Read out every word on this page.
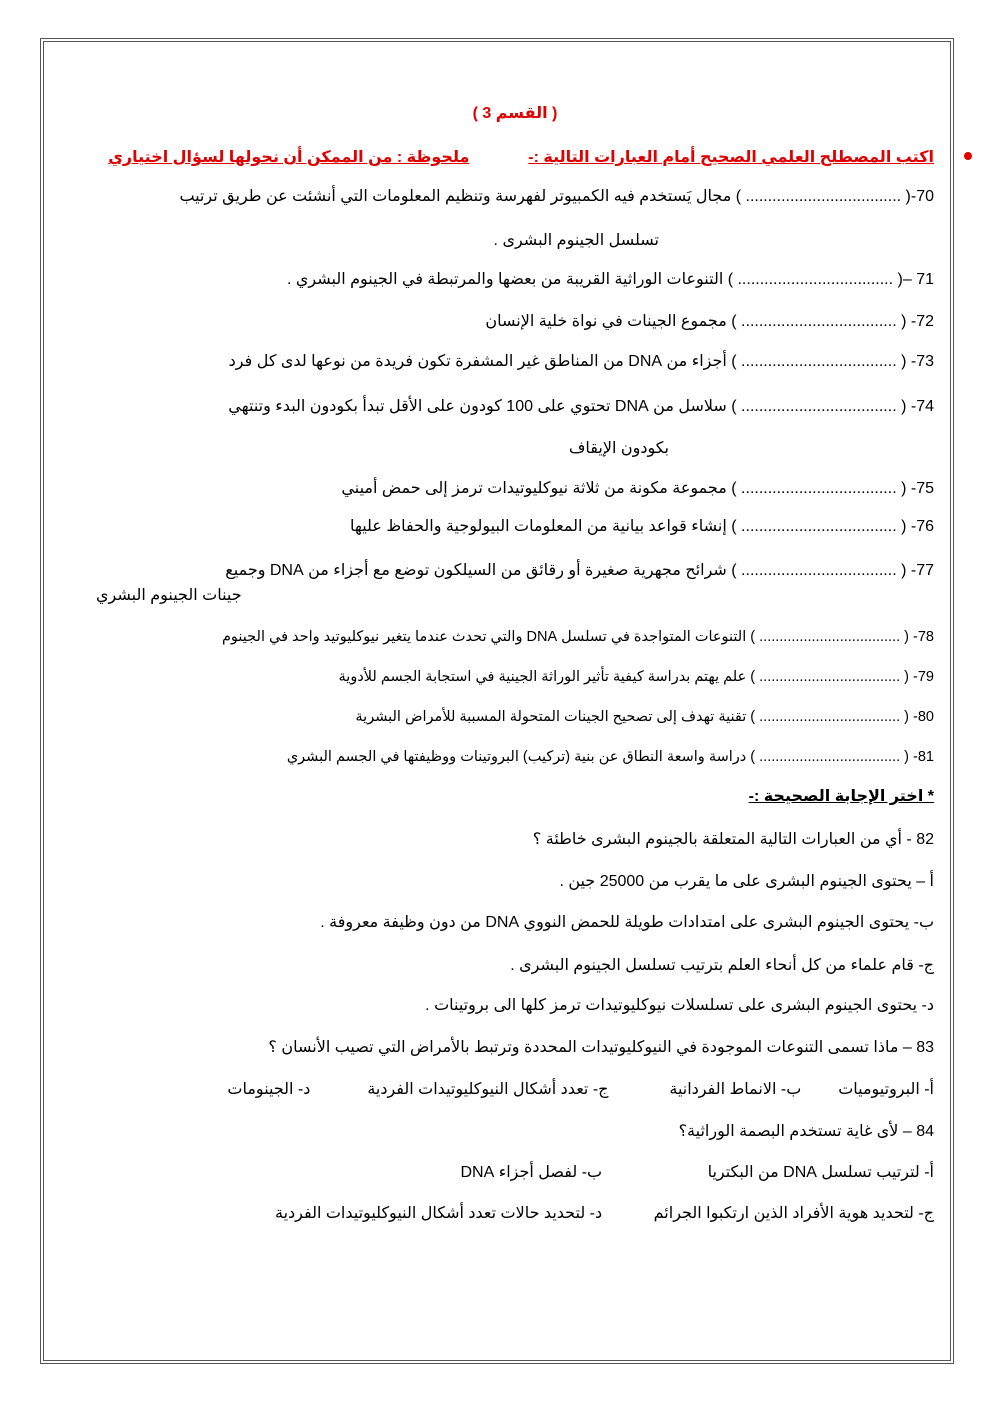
( القسم 3 )
اكتب المصطلح العلمي الصحيح أمام العبارات التالية :-  ملحوظة : من الممكن أن نحولها لسؤال اختياري
70-( ................................... ) مجال يَستخدم فيه الكمبيوتر لفهرسة وتنظيم المعلومات التي أنشئت عن طريق ترتيب
تسلسل الجينوم البشرى .
71 –( ................................... ) التنوعات الوراثية القريبة من بعضها والمرتبطة في الجينوم البشري .
72- ( ................................... ) مجموع الجينات في نواة خلية الإنسان
73- ( ................................... ) أجزاء من DNA من المناطق غير المشفرة تكون فريدة من نوعها لدى كل فرد
74- ( ................................... ) سلاسل من DNA تحتوي على 100 كودون على الأقل تبدأ بكودون البدء وتنتهي
بكودون الإيقاف
75- ( ................................... ) مجموعة مكونة من ثلاثة نيوكليوتيدات ترمز إلى حمض أميني
76- ( ................................... ) إنشاء قواعد بيانية من المعلومات البيولوجية والحفاظ عليها
77- ( ................................... ) شرائح مجهرية صغيرة أو رقائق من السيلكون توضع مع أجزاء من DNA وجميع
جينات الجينوم البشري
78- ( ................................... ) التنوعات المتواجدة في تسلسل DNA والتي تحدث عندما يتغير نيوكليوتيد واحد في الجينوم
79- ( ................................... ) علم يهتم بدراسة كيفية تأثير الوراثة الجينية في استجابة الجسم للأدوية
80- ( ................................... ) تقنية تهدف إلى تصحيح الجينات المتحولة المسببة للأمراض البشرية
81- ( ................................... ) دراسة واسعة النطاق عن بنية (تركيب) البروتينات ووظيفتها في الجسم البشري
* اختر الإجابة الصحيحة :-
82 - أي من العبارات التالية المتعلقة بالجينوم البشرى خاطئة ؟
أ – يحتوى الجينوم البشرى على ما يقرب من 25000 جين .
ب- يحتوى الجينوم البشرى على امتدادات طويلة للحمض النووي DNA من دون وظيفة معروفة .
ج- قام علماء من كل أنحاء العلم بترتيب تسلسل الجينوم البشرى .
د- يحتوى الجينوم البشرى على تسلسلات نيوكليوتيدات ترمز كلها الى بروتينات .
83 – ماذا تسمى التنوعات الموجودة في النيوكليوتيدات المحددة وترتبط بالأمراض التي تصيب الأنسان ؟
أ- البروتيوميات  ب- الانماط الفردانية  ج- تعدد أشكال النيوكليوتيدات الفردية  د- الجينومات
84 – لأى غاية تستخدم البصمة الوراثية؟
أ- لترتيب تسلسل DNA من البكتريا  ب- لفصل أجزاء DNA
ج- لتحديد هوية الأفراد الذين ارتكبوا الجرائم  د- لتحديد حالات تعدد أشكال النيوكليوتيدات الفردية
